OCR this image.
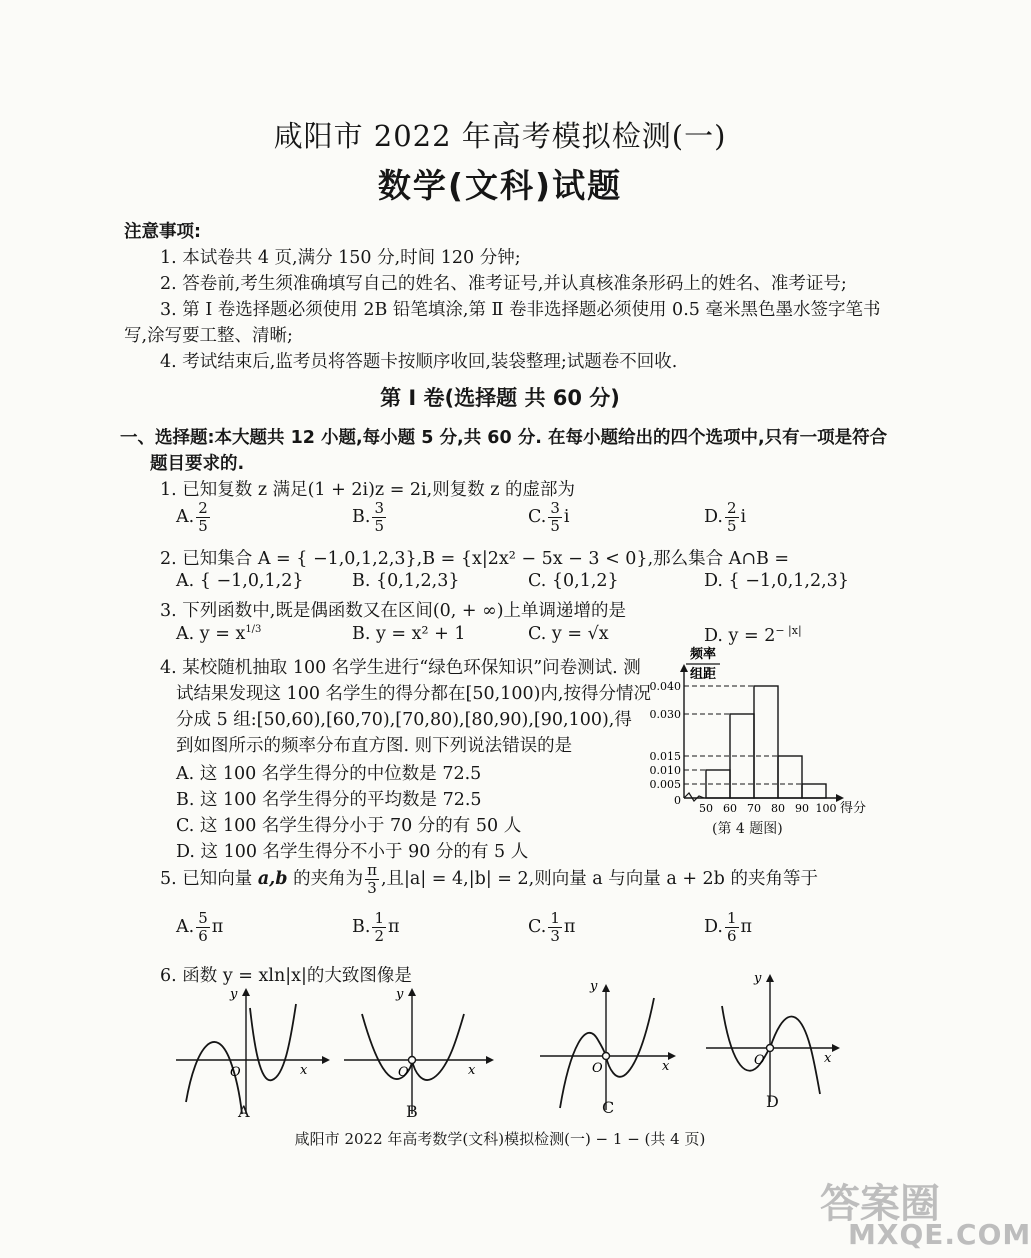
咸阳市 2022 年高考模拟检测(一)
数学(文科)试题
注意事项:
1. 本试卷共 4 页,满分 150 分,时间 120 分钟;
2. 答卷前,考生须准确填写自己的姓名、准考证号,并认真核准条形码上的姓名、准考证号;
3. 第 Ⅰ 卷选择题必须使用 2B 铅笔填涂,第 Ⅱ 卷非选择题必须使用 0.5 毫米黑色墨水签字笔书
写,涂写要工整、清晰;
4. 考试结束后,监考员将答题卡按顺序收回,装袋整理;试题卷不回收.
第 Ⅰ 卷(选择题 共 60 分)
一、选择题:本大题共 12 小题,每小题 5 分,共 60 分. 在每小题给出的四个选项中,只有一项是符合
题目要求的.
1. 已知复数 z 满足(1 + 2i)z = 2i,则复数 z 的虚部为
A. $\frac{2}{5}$	B. $\frac{3}{5}$	C. $\frac{3}{5}$ i	D. $\frac{2}{5}$ i
2. 已知集合 A = { −1,0,1,2,3},B = {x|2x² − 5x − 3 < 0},那么集合 A∩B =
A. { −1,0,1,2}	B. {0,1,2,3}	C. {0,1,2}	D. { −1,0,1,2,3}
3. 下列函数中,既是偶函数又在区间(0, + ∞)上单调递增的是
A. $y = x^{1/3}$	B. y = x² + 1	C. y = √x	D. $y = 2^{- |x|}$
4. 某校随机抽取 100 名学生进行“绿色环保知识”问卷测试. 测
试结果发现这 100 名学生的得分都在[50,100)内,按得分情况
分成 5 组:[50,60),[60,70),[70,80),[80,90),[90,100),得
到如图所示的频率分布直方图. 则下列说法错误的是
A. 这 100 名学生得分的中位数是 72.5
B. 这 100 名学生得分的平均数是 72.5
C. 这 100 名学生得分小于 70 分的有 50 人
D. 这 100 名学生得分不小于 90 分的有 5 人
0.040
0.030
0.015
0.010
0.005
50 60 70 80 90 100
频率
组距
得分
0
(第 4 题图)
5. 已知向量 a,b 的夹角为 $\frac{\pi}{3}$ ,且|a| = 4,|b| = 2,则向量 a 与向量 a + 2b 的夹角等于
A. $\frac{5}{6}$ π	B. $\frac{1}{2}$ π	C. $\frac{1}{3}$ π	D. $\frac{1}{6}$ π
6. 函数 y = xln|x|的大致图像是
x
y
O
A
x
y
O
B
x
y
O
C
x
y
O
D
咸阳市 2022 年高考数学(文科)模拟检测(一) − 1 − (共 4 页)
答案圈
MXQE.COM
